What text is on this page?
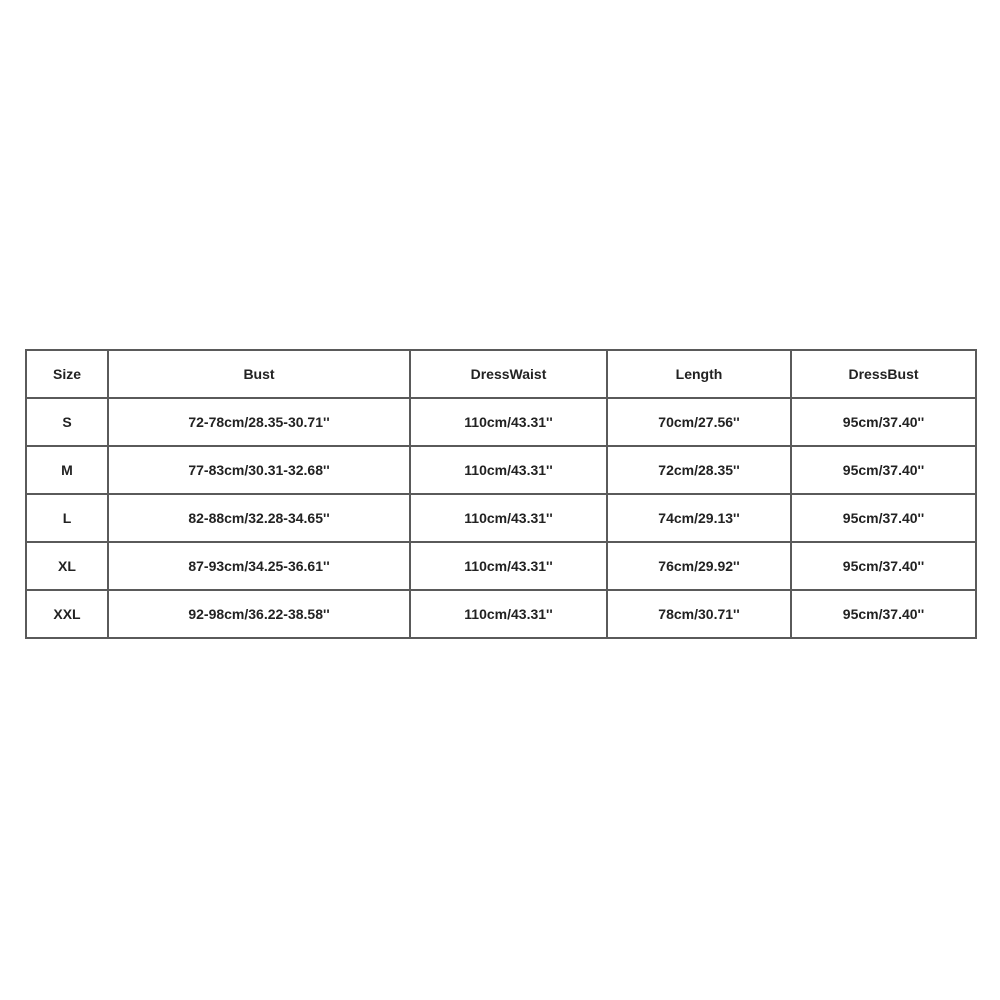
Size	Bust	DressWaist	Length	DressBust
S	72-78cm/28.35-30.71''	110cm/43.31''	70cm/27.56''	95cm/37.40''
M	77-83cm/30.31-32.68''	110cm/43.31''	72cm/28.35''	95cm/37.40''
L	82-88cm/32.28-34.65''	110cm/43.31''	74cm/29.13''	95cm/37.40''
XL	87-93cm/34.25-36.61''	110cm/43.31''	76cm/29.92''	95cm/37.40''
XXL	92-98cm/36.22-38.58''	110cm/43.31''	78cm/30.71''	95cm/37.40''
